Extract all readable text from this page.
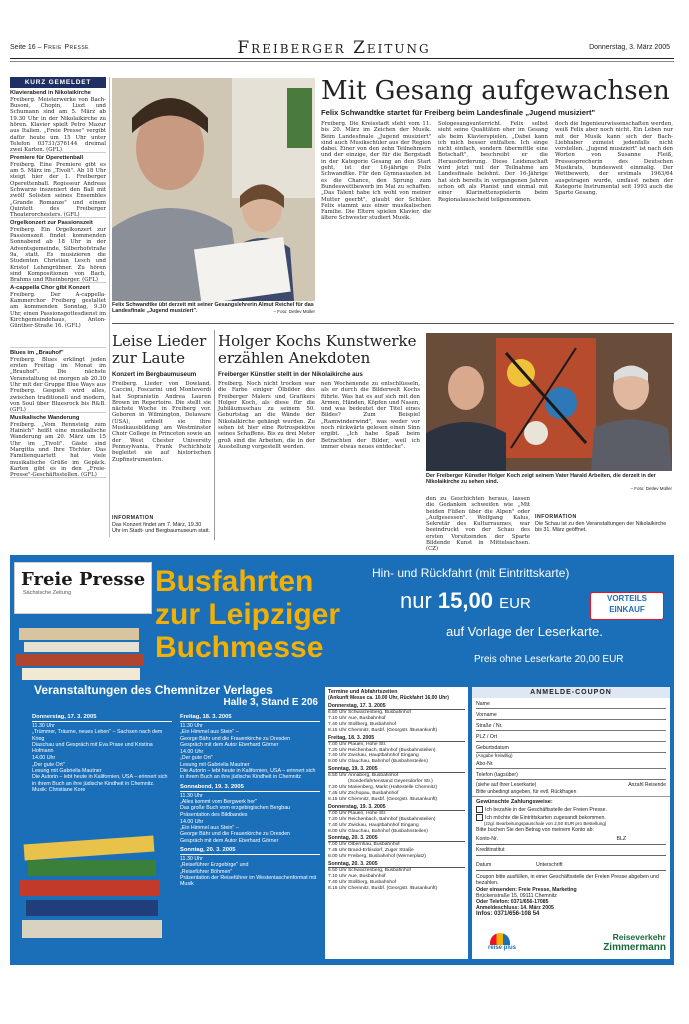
Seite 16 – Freie Presse	Freiberger Zeitung	Donnerstag, 3. März 2005
KURZ GEMELDET
Klavierabend in Nikolaikirche
Freiberg. Meisterwerke von Bach-Busoni, Chopin, Liszt und Schumann sind am 5. März ab 19.30 Uhr in der Nikolaikirche zu hören. Klavier spielt Petro Mazur aus Italien. „Freie Presse" vergibt dafür heute um 15 Uhr unter Telefon 03731/376144 dreimal zwei Karten. (GFL)
Premiere für Operettenball
Freiberg. Eine Premiere gibt es am 5. März im „Tivoli". Ab 18 Uhr steigt hier der 1. Freiberger Operettenball. Regisseur Andreas Schwarze inszeniert den Ball mit zwölf Solisten seines Ensembles „Grande Romanze" und einem Quintett des Freiberger Theaterorchesters. (GFL)
Orgelkonzert zur Passionszeit
Freiberg. Ein Orgelkonzert zur Passionszeit findet kommenden Sonnabend ab 18 Uhr in der Adventsgemeinde, Silberhofstraße 9a, statt. Es musizieren die Studenten Christian Lesch und Kristof Lehmgrübner. Zu hören sind Kompositionen von Bach, Brahms und Rheinberger. (GFL)
A-cappella Chor gibt Konzert
Freiberg. Der A-cappella-Kammerchor Freiberg gestaltet am kommenden Sonntag, 9.30 Uhr, einen Passionsgottesdienst im Kirchgemeindehaus, Anton-Günther-Straße 16. (GFL)
Blues im „Brauhof"
Freiberg. Blues erklingt jeden ersten Freitag im Monat im „Brauhof". Die nächste Veranstaltung ist morgen ab 20.30 Uhr mit der Gruppe Blue Ways aus Freiberg. Gespielt wird alles, zwischen traditionell und modern, von Soul über Bluesrock bis R&B. (GFL)
Musikalische Wanderung
Freiberg. „Vom Rennsteig zum Hainich" heißt eine musikalische Wanderung am 20. März um 15 Uhr im „Tivoli". Gäste sind Margitta und Ihre Töchter. Das Familienquartett hat viele musikalische Grüße im Gepäck. Karten gibt es in den „Freie-Presse"-Geschäftsstellen. (GFL)
Felix Schwandtke übt derzeit mit seiner Gesangslehrerin Almut Reichel für das Landesfinale „Jugend musiziert".	– Foto: Detlev Müller
Mit Gesang aufgewachsen
Felix Schwandtke startet für Freiberg beim Landesfinale „Jugend musiziert"
Freiberg. Die Kreisstadt steht vom 11. bis 20. März im Zeichen der Musik. Beim Landesfinale „Jugend musiziert" sind auch Musikschüler aus der Region dabei. Einer von den zehn Teilnehmern und der einzige, der für die Bergstadt in der Kategorie Gesang an den Start geht, ist der 16-jährige Felix Schwandtke. Für den Gymnasiasten ist es die Chance, den Sprung zum Bundeswettbewerb im Mai zu schaffen. „Das Talent habe ich wohl von meiner Mutter geerbt", glaubt der Schüler. Felix stammt aus einer musikalischen Familie. Die Eltern spielen Klavier, die ältere Schwester studiert Musik.
Sologesangsunterricht. Felix selbst sieht seine Qualitäten eher im Gesang als beim Klavierspielen. „Dabei kann ich mich besser entfalten. Ich singe nicht einfach, sondern übermittle eine Botschaft", beschreibt er die Herausforderung. Diese Leidenschaft wird jetzt mit der Teilnahme am Landesfinale belohnt. Der 16-Jährige hat sich bereits in vergangenen Jahren schon oft als Pianist und einmal mit einer Klarinettenspielerin beim Regionalausscheid teilgenommen.
doch die Ingenieurwissenschaften werden, weiß Felix aber noch nicht. Ein Leben nur mit der Musik kann sich der Bach-Liebhaber zumeist jedenfalls nicht vorstellen. „Jugend musiziert" ist nach den Worten von Susanne Fleiß, Pressesprecherin des Deutschen Musikrats, bundesweit einmalig. Der Wettbewerb, der erstmals 1963/64 ausgetragen wurde, umfasst neben der Kategorie Instrumental seit 1993 auch die Sparte Gesang.
Leise Lieder zur Laute
Konzert im Bergbaumuseum
Freiberg. Lieder von Dowland, Caccini, Foscarini und Monteverdi hat Sopranistin Andrea Lauren Brown im Repertoire. Die stellt sie nächste Woche in Freiberg vor. Geboren in Wilmington, Delaware (USA), erhielt sie ihre Musikausbildung am Westminster Choir College in Princeton sowie an der West Chester University Pennsylvania. Frank Pschichholz begleitet sie auf historischen Zupfinstrumenten.
INFORMATION
Das Konzert findet am 7. März, 19.30 Uhr im Stadt- und Bergbaumuseum statt.
Holger Kochs Kunstwerke erzählen Anekdoten
Freiberger Künstler stellt in der Nikolaikirche aus
Freiberg. Noch nicht trocken war die Farbe einiger Ölbilder des Freiberger Malers und Grafikers Holger Koch, als diese für die Jubiläumsschau zu seinem 50. Geburtstag an die Wände der Nikolaikirche gehängt wurden. Zu sehen ist hier eine Retrospektive seines Schaffens. Bis zu drei Meter groß sind die Arbeiten, die in der Ausstellung vorgestellt werden.
nen Wochenende zu entschlüsseln, als er durch die Bilderwelt Kochs führte. Was hat es auf sich mit den Armen, Händen, Köpfen und Nasen, und was bedeutet der Titel eines Bildes? Zum Beispiel „Ramwinderwind", was weder vor noch rückwärts gelesen einen Sinn ergibt. „Ich habe Spaß beim Betrachten der Bilder, weil ich immer etwas neues entdecke".
Der Freiberger Künstler Holger Koch zeigt seinem Vater Harald Arbeiten, die derzeit in der Nikolaikirche zu sehen sind.
– Foto: Detlev Müller
den zu Geschichten heraus, lassen die Gedanken schweifen wie „Mit beiden Füßen über die Alpen" oder „Aufgesessen". Wolfgang Kalus, Sekretär des Kulturraumes, war beeindruckt von der Schau des ersten Vorsitzenden der Sparte Bildende Kunst in Mittelsachsen. (CZ)
INFORMATION
Die Schau ist zu den Veranstaltungen der Nikolaikirche bis 31. März geöffnet.
Freie Presse
Sächsische Zeitung	Busfahrten
zur Leipziger
Buchmesse
Hin- und Rückfahrt (mit Eintrittskarte)
nur 15,00 EUR	VORTEILS EINKAUF
auf Vorlage der Leserkarte.
Preis ohne Leserkarte 20,00 EUR
Veranstaltungen des Chemnitzer Verlages
Halle 3, Stand E 206
Donnerstag, 17. 3. 2005
11.30 Uhr
„Trümmer, Träume, neues Leben" – Sachsen nach dem Krieg
Diaschau und Gespräch mit Eva Prase und Kristina Hofmann
14.00 Uhr
„Der gute Ort"
Lesung mit Gabriella Mautner
Die Autorin – lebt heute in Kalifornien, USA – erinnert sich in ihrem Buch an ihre jüdische Kindheit in Chemnitz.
Musik: Christiane Kore
Freitag, 18. 3. 2005
11.30 Uhr
„Ein Himmel aus Stein" –
George Bähr und die Frauenkirche zu Dresden
Gespräch mit dem Autor Eberhard Görner
14.00 Uhr
„Der gute Ort"
Lesung mit Gabriella Mautner
Die Autorin – lebt heute in Kalifornien, USA – erinnert sich in ihrem Buch an ihre jüdische Kindheit in Chemnitz
Sonnabend, 19. 3. 2005
11.30 Uhr
„Alles kommt vom Bergwerk her"
Das große Buch vom erzgebirgischen Bergbau
Präsentation des Bildbandes
14.00 Uhr
„Ein Himmel aus Stein" –
George Bähr und die Frauenkirche zu Dresden
Gespräch mit dem Autor Eberhard Görner
Sonntag, 20. 3. 2005
11.30 Uhr
„Reiseführer Erzgebirge" und
„Reiseführer Böhmen"
Präsentation der Reiseführer im Westentaschenformat mit Musik
Termine und Abfahrtszeiten
(Ankunft Messe ca. 10.00 Uhr, Rückfahrt 16.00 Uhr)
Donnerstag, 17. 3. 2005
6.50 Uhr Schwarzenberg, Busbahnhof
7.10 Uhr Aue, Busbahnhof
7.40 Uhr Stollberg, Busbahnhof
8.15 Uhr Chemnitz, Busbf. (Georgstr. /Busankunft)
Freitag, 18. 3. 2005
7.00 Uhr Plauen, Hohe Str.
7.20 Uhr Reichenbach, Bahnhof (Busbahnsteilen)
7.40 Uhr Zwickau, Hauptbahnhof Eingang
8.00 Uhr Glauchau, Bahnhof (Busbahnsteilen)
Sonntag, 19. 3. 2005
6.50 Uhr Annaberg, Busbahnhof
(Sonderfahrtenstand Geyersdorfer Str.)
7.20 Uhr Marienberg, Markt (Haltestelle Chemnitz)
7.45 Uhr Zschopau, Busbahnhof
8.15 Uhr Chemnitz, Busbf. (Georgstr. /Busankunft)
Donnerstag, 19. 3. 2005
7.00 Uhr Plauen, Hohe Str.
7.20 Uhr Reichenbach, Bahnhof (Busbahnsteilen)
7.40 Uhr Zwickau, Hauptbahnhof Eingang
8.00 Uhr Glauchau, Bahnhof (Busbahnsteilen)
Sonntag, 20. 3. 2005
7.00 Uhr Olbernhau, Busbahnhof
7.45 Uhr Brand-Erbisdorf, Zuger Straße
8.00 Uhr Freiberg, Busbahnhof (Wernerplatz)
Sonntag, 20. 3. 2005
6.50 Uhr Schwarzenberg, Busbahnhof
7.10 Uhr Aue, Busbahnhof
7.40 Uhr Stollberg, Busbahnhof
8.15 Uhr Chemnitz, Busbf. (Georgstr. /Busankunft)
ANMELDE-COUPON
Name
Vorname
Straße / Nr.
PLZ / Ort
Geburtsdatum
(Angabe freiwillig)
Abo-Nr.
Telefon (tagsüber)
(siehe auf Ihrer Leserkarte)	Anzahl Reisende
Bitte unbedingt angeben, für evtl. Rückfragen
Gewünschte Zahlungsweise:
Ich bezahle in der Geschäftsstelle der Freien Presse.
Ich möchte die Eintrittskarten zugesandt bekommen.
(zzgl. Bearbeitungspauschale von 2,50 EUR pro Bestellung)
Bitte buchen Sie den Betrag von meinem Konto ab:
Konto-Nr.	BLZ
Kreditinstitut
Datum	Unterschrift
Coupon bitte ausfüllen, in einer Geschäftsstelle der Freien Presse abgeben und bezahlen.
Oder einsenden: Freie Presse, Marketing
Brückenstraße 15, 09111 Chemnitz
Oder Telefon: 0371/656-17085
Anmeldeschluss: 14. März 2005
Infos: 0371/656-108 54
reise plus
Reiseverkehr
Zimmermann
